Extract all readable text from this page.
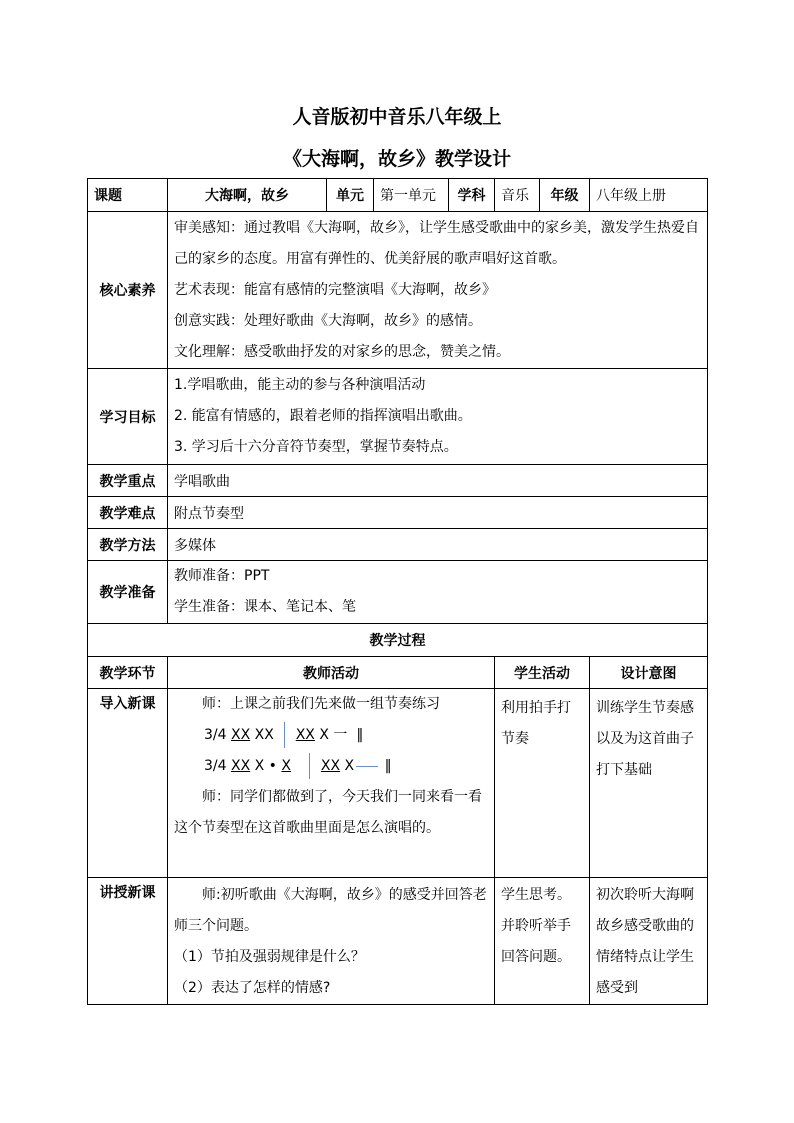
人音版初中音乐八年级上
《大海啊，故乡》教学设计
课题	大海啊，故乡	单元	第一单元	学科	音乐	年级	八年级上册
核心素养	审美感知：通过教唱《大海啊，故乡》，让学生感受歌曲中的家乡美，激发学生热爱自己的家乡的态度。用富有弹性的、优美舒展的歌声唱好这首歌。

艺术表现：能富有感情的完整演唱《大海啊，故乡》

创意实践：处理好歌曲《大海啊，故乡》的感情。

文化理解：感受歌曲抒发的对家乡的思念，赞美之情。						

学习目标	1.学唱歌曲，能主动的参与各种演唱活动

2. 能富有情感的，跟着老师的指挥演唱出歌曲。

3. 学习后十六分音符节奏型，掌握节奏特点。						

教学重点	学唱歌曲						
教学难点	附点节奏型						
教学方法	多媒体						
教学准备	教师准备：PPT

学生准备：课本、笔记本、笔						

教学过程							
教学环节	教师活动				学生活动		设计意图
导入新课	师：上课之前我们先来做一组节奏练习

3/4 XX XX XX X 一 ‖
3/4 XX X • X XX X ‖

师：同学们都做到了，今天我们一同来看一看这个节奏型在这首歌曲里面是怎么演唱的。				利用拍手打节奏		训练学生节奏感以及为这首曲子打下基础
讲授新课	师:初听歌曲《大海啊，故乡》的感受并回答老师三个问题。

（1）节拍及强弱规律是什么？

（2）表达了怎样的情感?				学生思考。并聆听举手回答问题。		初次聆听大海啊故乡感受歌曲的情绪特点让学生感受到
